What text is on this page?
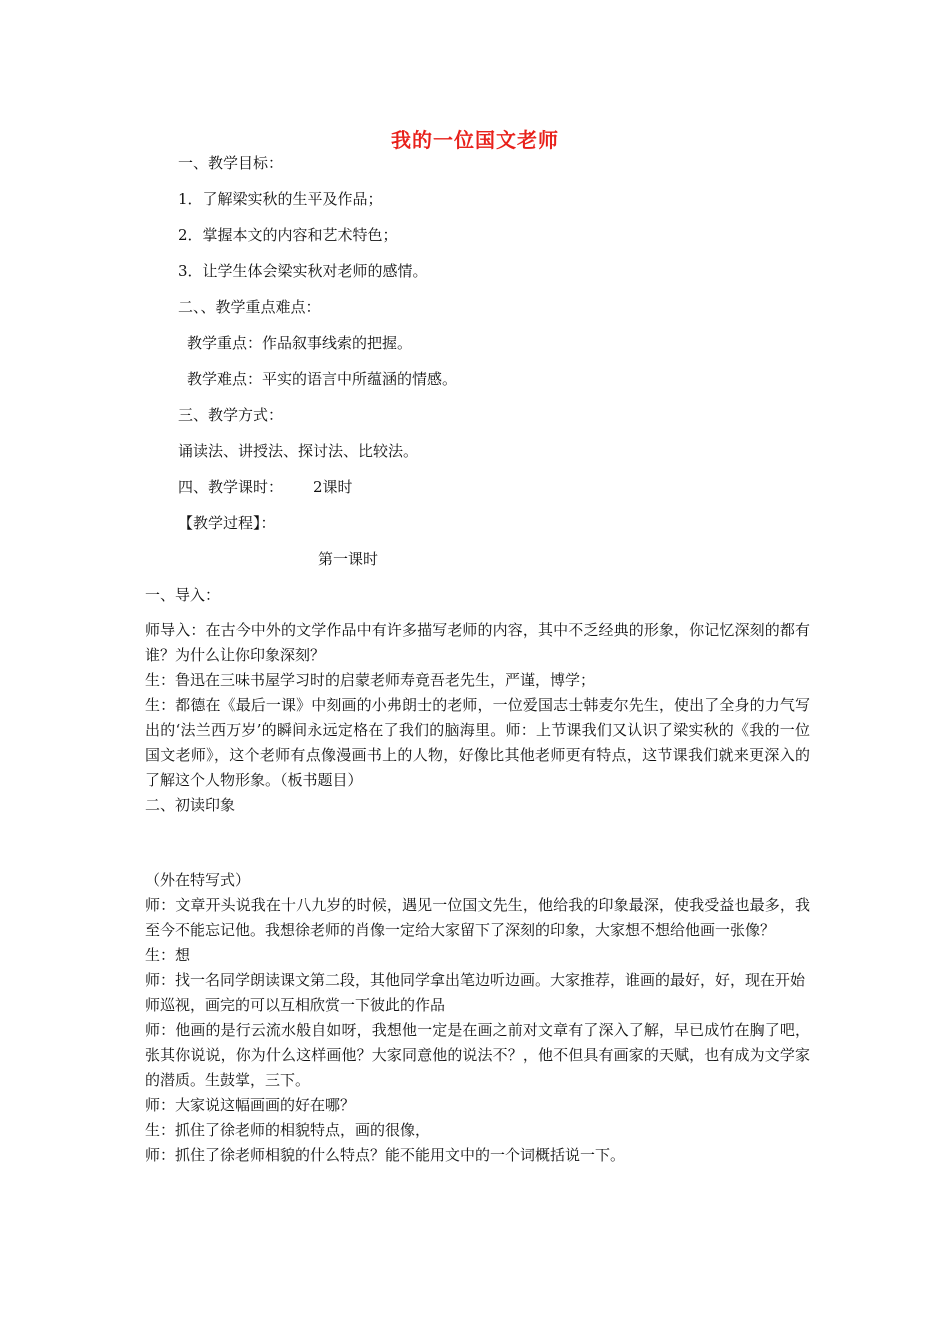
我的一位国文老师
一、教学目标：
1．了解梁实秋的生平及作品；
2．掌握本文的内容和艺术特色；
3．让学生体会梁实秋对老师的感情。
二、、教学重点难点：
教学重点：作品叙事线索的把握。
教学难点：平实的语言中所蕴涵的情感。
三、教学方式：
诵读法、讲授法、探讨法、比较法。
四、教学课时： 2课时
【教学过程】：
第一课时
一、导入：
师导入：在古今中外的文学作品中有许多描写老师的内容，其中不乏经典的形象，你记忆深刻的都有谁？为什么让你印象深刻？
生：鲁迅在三味书屋学习时的启蒙老师寿竟吾老先生，严谨，博学；
生：都德在《最后一课》中刻画的小弗朗士的老师，一位爱国志士韩麦尔先生，使出了全身的力气写出的‘法兰西万岁’的瞬间永远定格在了我们的脑海里。师：上节课我们又认识了梁实秋的《我的一位国文老师》，这个老师有点像漫画书上的人物，好像比其他老师更有特点，这节课我们就来更深入的了解这个人物形象。（板书题目）
二、初读印象
（外在特写式）
师：文章开头说我在十八九岁的时候，遇见一位国文先生，他给我的印象最深，使我受益也最多，我至今不能忘记他。我想徐老师的肖像一定给大家留下了深刻的印象，大家想不想给他画一张像？
生：想
师：找一名同学朗读课文第二段，其他同学拿出笔边听边画。大家推荐，谁画的最好，好，现在开始
师巡视，画完的可以互相欣赏一下彼此的作品
师：他画的是行云流水般自如呀，我想他一定是在画之前对文章有了深入了解，早已成竹在胸了吧，张其你说说，你为什么这样画他？大家同意他的说法不？，他不但具有画家的天赋，也有成为文学家的潜质。生鼓掌，三下。
师：大家说这幅画画的好在哪？
生：抓住了徐老师的相貌特点，画的很像，
师：抓住了徐老师相貌的什么特点？能不能用文中的一个词概括说一下。
